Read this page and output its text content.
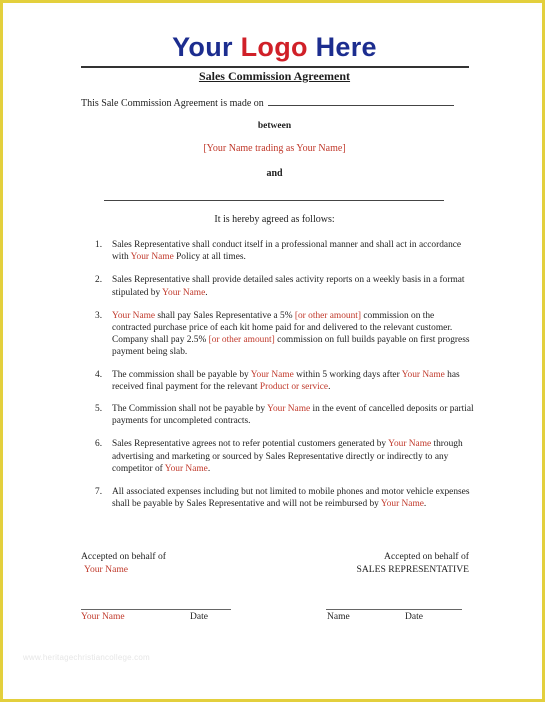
Your Logo Here
Sales Commission Agreement
This Sale Commission Agreement is made on
between
[Your Name trading as Your Name]
and
It is hereby agreed as follows:
1. Sales Representative shall conduct itself in a professional manner and shall act in accordance with Your Name Policy at all times.
2. Sales Representative shall provide detailed sales activity reports on a weekly basis in a format stipulated by Your Name.
3. Your Name shall pay Sales Representative a 5% [or other amount] commission on the contracted purchase price of each kit home paid for and delivered to the relevant customer. Company shall pay 2.5% [or other amount] commission on full builds payable on first progress payment being slab.
4. The commission shall be payable by Your Name within 5 working days after Your Name has received final payment for the relevant Product or service.
5. The Commission shall not be payable by Your Name in the event of cancelled deposits or partial payments for uncompleted contracts.
6. Sales Representative agrees not to refer potential customers generated by Your Name through advertising and marketing or sourced by Sales Representative directly or indirectly to any competitor of Your Name.
7. All associated expenses including but not limited to mobile phones and motor vehicle expenses shall be payable by Sales Representative and will not be reimbursed by Your Name.
Accepted on behalf of
Your Name
Accepted on behalf of
SALES REPRESENTATIVE
Your Name	Date	Name	Date
www.heritagechristiancollege.com
